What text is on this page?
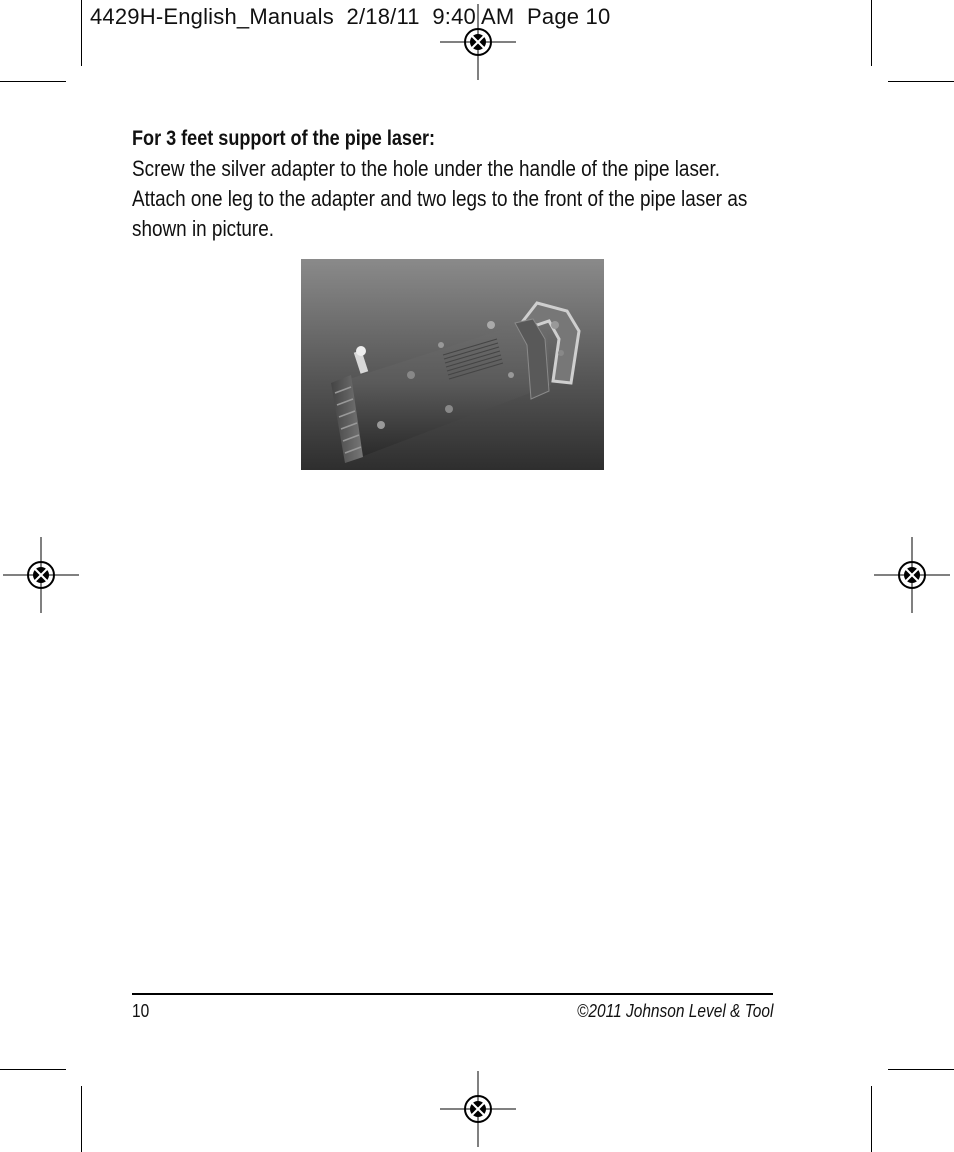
4429H-English_Manuals  2/18/11  9:40 AM  Page 10
For 3 feet support of the pipe laser:
Screw the silver adapter to the hole under the handle of the pipe laser. Attach one leg to the adapter and two legs to the front of the pipe laser as shown in picture.
10	©2011 Johnson Level & Tool
